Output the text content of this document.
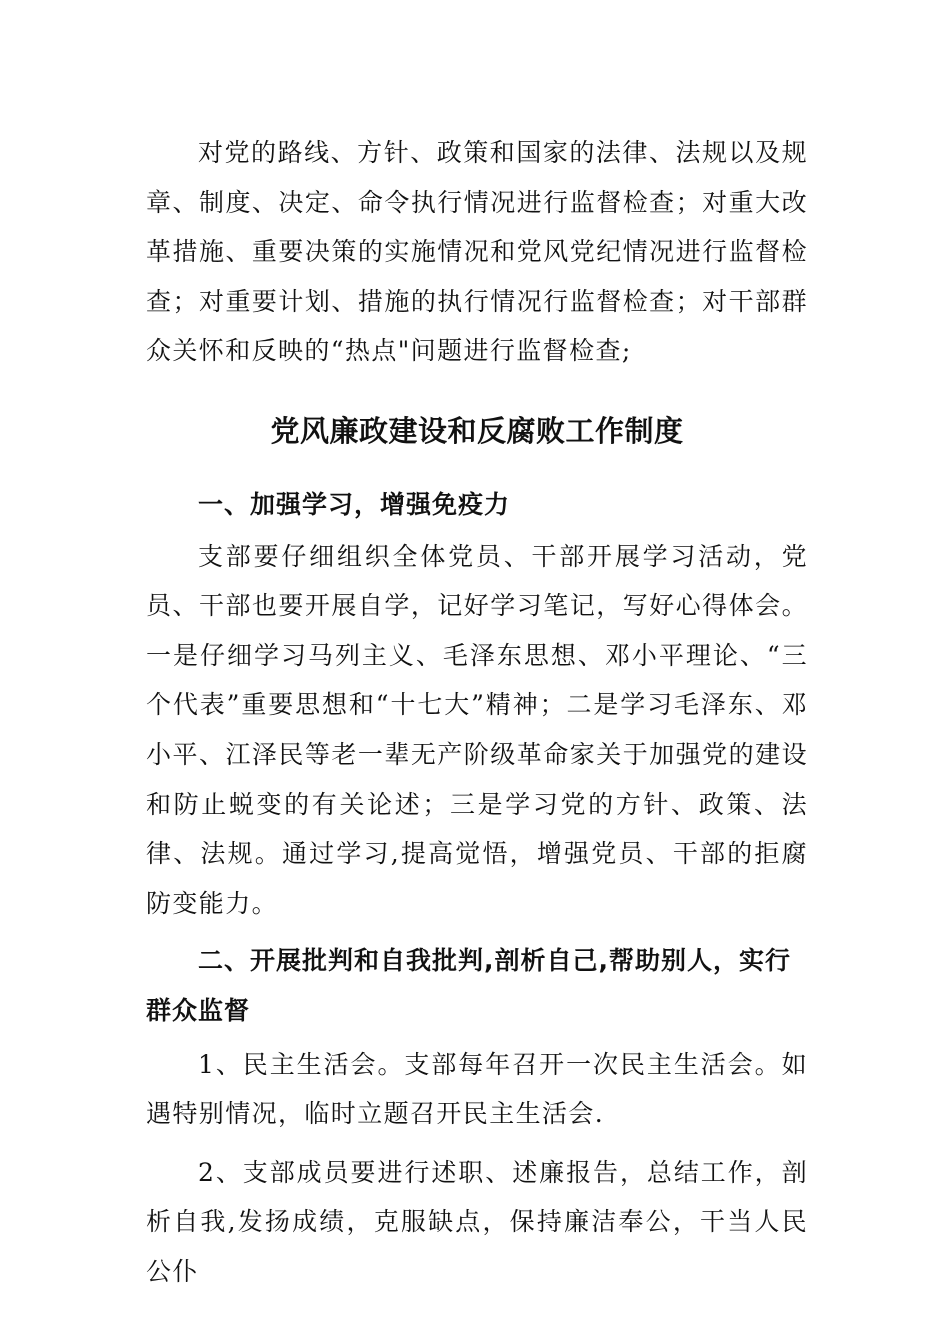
对党的路线、方针、政策和国家的法律、法规以及规章、制度、决定、命令执行情况进行监督检查；对重大改革措施、重要决策的实施情况和党风党纪情况进行监督检查；对重要计划、措施的执行情况行监督检查；对干部群众关怀和反映的“热点"问题进行监督检查;

党风廉政建设和反腐败工作制度
一、加强学习，增强免疫力

支部要仔细组织全体党员、干部开展学习活动，党员、干部也要开展自学，记好学习笔记，写好心得体会。一是仔细学习马列主义、毛泽东思想、邓小平理论、“三个代表”重要思想和“十七大”精神；二是学习毛泽东、邓小平、江泽民等老一辈无产阶级革命家关于加强党的建设和防止蜕变的有关论述；三是学习党的方针、政策、法律、法规。通过学习,提高觉悟，增强党员、干部的拒腐防变能力。

二、开展批判和自我批判,剖析自己,帮助别人，实行群众监督

1、民主生活会。支部每年召开一次民主生活会。如遇特别情况，临时立题召开民主生活会.

2、支部成员要进行述职、述廉报告，总结工作，剖析自我,发扬成绩，克服缺点，保持廉洁奉公，干当人民公仆
